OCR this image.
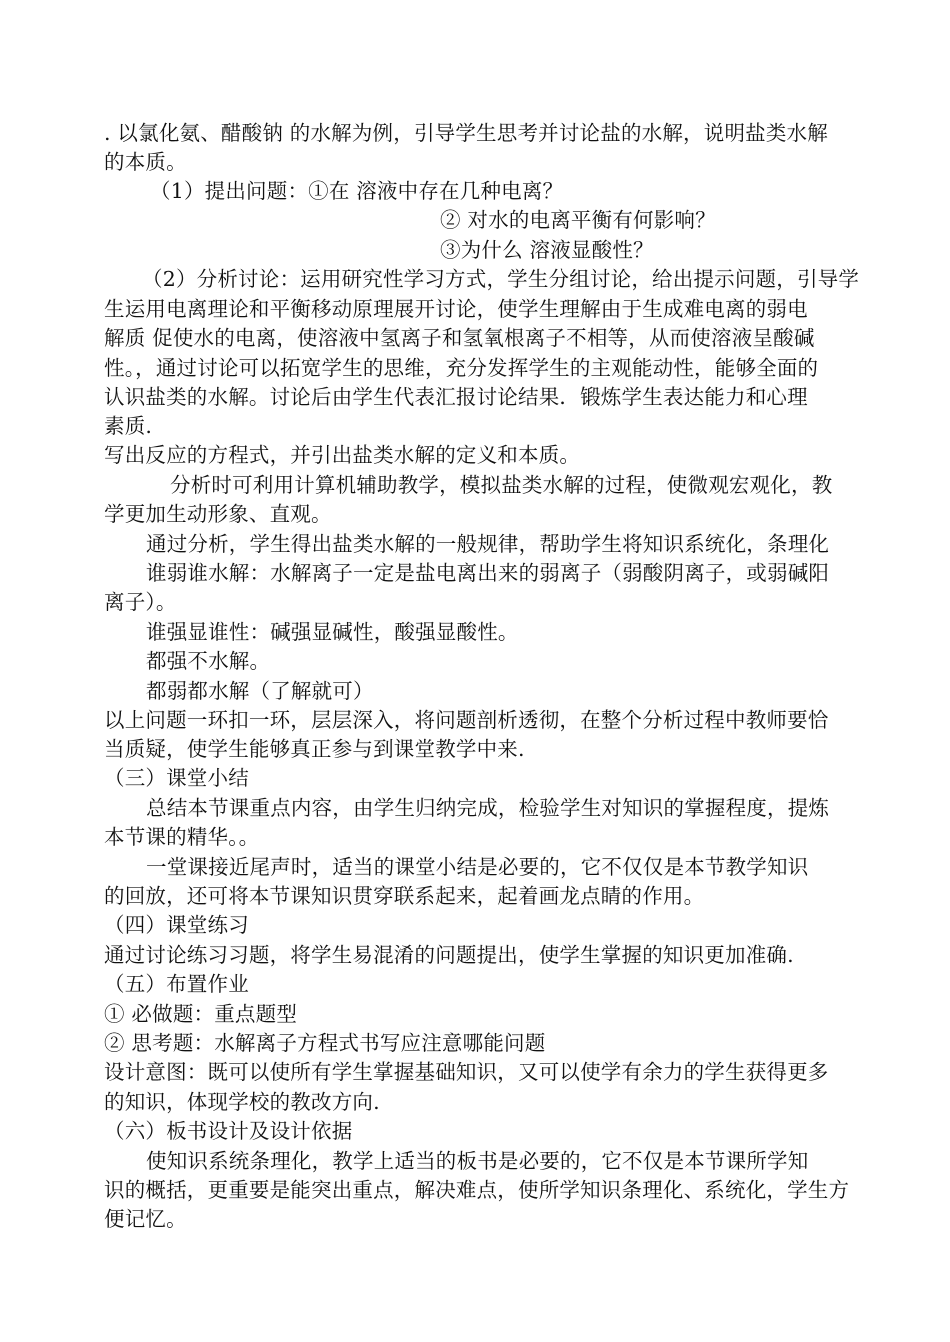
. 以氯化氨、醋酸钠 的水解为例，引导学生思考并讨论盐的水解，说明盐类水解
的本质。
（1）提出问题：①在 溶液中存在几种电离？
② 对水的电离平衡有何影响？
③为什么 溶液显酸性？
（2）分析讨论：运用研究性学习方式，学生分组讨论，给出提示问题，引导学
生运用电离理论和平衡移动原理展开讨论，使学生理解由于生成难电离的弱电
解质 促使水的电离，使溶液中氢离子和氢氧根离子不相等，从而使溶液呈酸碱
性。，通过讨论可以拓宽学生的思维，充分发挥学生的主观能动性，能够全面的
认识盐类的水解。讨论后由学生代表汇报讨论结果．锻炼学生表达能力和心理
素质.
写出反应的方程式，并引出盐类水解的定义和本质。
分析时可利用计算机辅助教学，模拟盐类水解的过程，使微观宏观化，教
学更加生动形象、直观。
通过分析，学生得出盐类水解的一般规律，帮助学生将知识系统化，条理化
谁弱谁水解：水解离子一定是盐电离出来的弱离子（弱酸阴离子，或弱碱阳
离子）。
谁强显谁性：碱强显碱性，酸强显酸性。
都强不水解。
都弱都水解（了解就可）
以上问题一环扣一环，层层深入，将问题剖析透彻，在整个分析过程中教师要恰
当质疑，使学生能够真正参与到课堂教学中来.
（三）课堂小结
总结本节课重点内容，由学生归纳完成，检验学生对知识的掌握程度，提炼
本节课的精华。。
一堂课接近尾声时，适当的课堂小结是必要的，它不仅仅是本节教学知识
的回放，还可将本节课知识贯穿联系起来，起着画龙点睛的作用。
（四）课堂练习
通过讨论练习习题，将学生易混淆的问题提出，使学生掌握的知识更加准确.
（五）布置作业
① 必做题：重点题型
② 思考题：水解离子方程式书写应注意哪能问题
设计意图：既可以使所有学生掌握基础知识，又可以使学有余力的学生获得更多
的知识，体现学校的教改方向.
（六）板书设计及设计依据
使知识系统条理化，教学上适当的板书是必要的，它不仅是本节课所学知
识的概括，更重要是能突出重点，解决难点，使所学知识条理化、系统化，学生方
便记忆。
